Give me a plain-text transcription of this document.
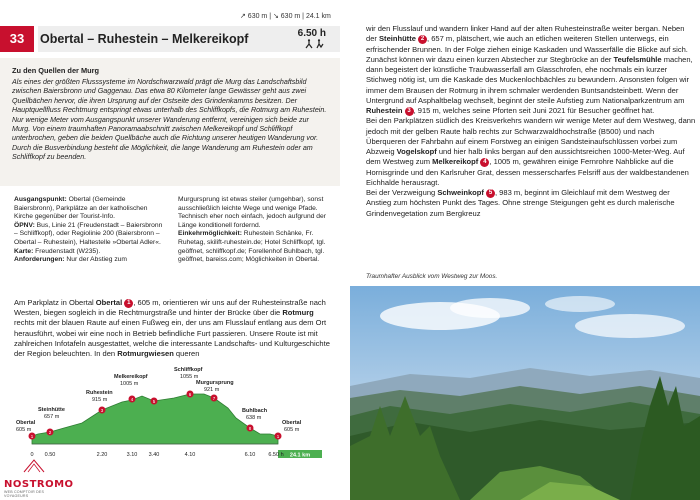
↗ 630 m | ↘ 630 m | 24.1 km
33	Obertal – Ruhestein – Melkereikopf	6.50 h
Zu den Quellen der Murg
Als eines der größten Flusssysteme im Nordschwarzwald prägt die Murg das Landschaftsbild zwischen Baiersbronn und Gaggenau. Das etwa 80 Kilometer lange Gewässer geht aus zwei Quellbächen hervor, die ihren Ursprung auf der Ostseite des Grindenkamms besitzen. Der Hauptquellfluss Rechtmurg entspringt etwas unterhalb des Schliffkopfs, die Rotmurg am Ruhestein. Nur wenige Meter vom Ausgangspunkt unserer Wanderung entfernt, vereinigen sich beide zur Murg. Von einem traumhaften Panoramaabschnitt zwischen Melkereikopf und Schliffkopf unterbrochen, geben die beiden Quellbäche auch die Richtung unserer heutigen Wanderung vor. Durch die Busverbindung besteht die Möglichkeit, die lange Wanderung am Ruhestein oder am Schliffkopf zu beenden.
Ausgangspunkt: Obertal (Gemeinde Baiersbronn), Parkplätze an der katholischen Kirche gegenüber der Tourist-Info.
ÖPNV: Bus, Linie 21 (Freudenstadt – Baiersbronn – Schliffkopf), oder Regiolinie 200 (Baiersbronn – Obertal – Ruhestein), Haltestelle »Obertal Adler«.
Karte: Freudenstadt (W235).
Anforderungen: Nur der Abstieg zum
Murgursprung ist etwas steiler (umgehbar), sonst ausschließlich leichte Wege und wenige Pfade. Technisch eher noch einfach, jedoch aufgrund der Länge konditionell fordernd.
Einkehrmöglichkeit: Ruhestein Schänke, Fr. Ruhetag, skilift-ruhestein.de; Hotel Schliffkopf, tgl. geöffnet, schliffkopf.de; Forellenhof Buhlbach, tgl. geöffnet, bareiss.com; Möglichkeiten in Obertal.
Am Parkplatz in Obertal Obertal 1 , 605 m, orientieren wir uns auf der Ruhesteinstraße nach Westen, biegen sogleich in die Rechtmurgstraße und hinter der Brücke über die Rotmurg rechts mit der blauen Raute auf einen Fußweg ein, der uns am Flusslauf entlang aus dem Ort herausführt, wobei wir eine noch in Betrieb befindliche Furt passieren. Unsere Route ist mit zahlreichen Infotafeln ausgestattet, welche die interessante Landschafts- und Kulturgeschichte der Region beleuchten. In den Rotmurgwiesen queren
24.1 km
1
2
3
4	5
6
7
8
1
Obertal
605 m
Steinhütte
657 m
Ruhestein
915 m
Melkereikopf
1005 m
Schliffkopf
1055 m
Murgursprung
921 m
Buhlbach
638 m
Obertal
605 m
0 0.50	2.20	3.10 3.40	4.10	6.10 6.50 h
NOSTROMO
WEB COMPTOIR DES VOYAGEURS
wir den Flusslauf und wandern linker Hand auf der alten Ruhesteinstraße weiter bergan. Neben der Steinhütte 2 , 657 m, plätschert, wie auch an etlichen weiteren Stellen unterwegs, ein erfrischender Brunnen. In der Folge ziehen einige Kaskaden und Wasserfälle die Blicke auf sich. Zunächst können wir dazu einen kurzen Abstecher zur Stegbrücke an der Teufelsmühle machen, dann begeistert der künstliche Traubwasserfall am Glasschrofen, ehe nochmals ein kurzer Stichweg nötig ist, um die Kaskade des Muckenlochbächles zu bewundern. Ansonsten folgen wir immer dem Brausen der Rotmurg in ihrem schmaler werdenden Buntsandsteinbett. Wenn der Untergrund auf Asphaltbelag wechselt, beginnt der steile Aufstieg zum Nationalparkzentrum am Ruhestein 3 , 915 m, welches seine Pforten seit Juni 2021 für Besucher geöffnet hat.
Bei den Parkplätzen südlich des Kreisverkehrs wandern wir wenige Meter auf dem Westweg, dann jedoch mit der gelben Raute halb rechts zur Schwarzwaldhochstraße (B500) und nach Überqueren der Fahrbahn auf einem Forstweg an einigen Sandsteinaufschlüssen vorbei zum Abzweig Vogelskopf und hier halb links bergan auf den aussichtsreichen 1000-Meter-Weg. Auf dem Westweg zum Melkereikopf 4 , 1005 m, gewähren einige Fernrohre Nahblicke auf die Hornisgrinde und den Karlsruher Grat, dessen messerscharfes Felsriff aus der waldbestandenen Eichhalde herausragt.
Bei der Verzweigung Schweinkopf 5 , 983 m, beginnt im Gleichlauf mit dem Westweg der Anstieg zum höchsten Punkt des Tages. Ohne strenge Steigungen geht es durch malerische Grindenvegetation zum Bergkreuz
Traumhafter Ausblick vom Westweg zur Moos.
